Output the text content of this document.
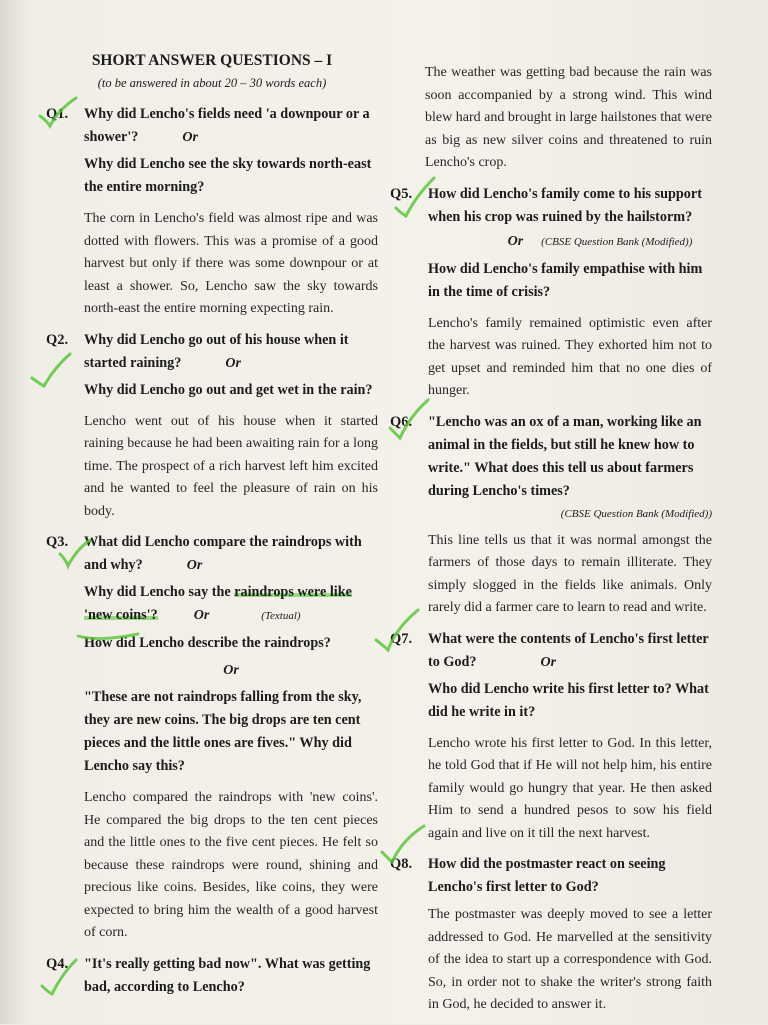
SHORT ANSWER QUESTIONS – I
(to be answered in about 20 – 30 words each)
Q1.	Why did Lencho's fields need 'a downpour or a shower'?	Or
Why did Lencho see the sky towards north-east the entire morning?
The corn in Lencho's field was almost ripe and was dotted with flowers. This was a promise of a good harvest but only if there was some downpour or at least a shower. So, Lencho saw the sky towards north-east the entire morning expecting rain.
Q2.	Why did Lencho go out of his house when it started raining?	Or
Why did Lencho go out and get wet in the rain?
Lencho went out of his house when it started raining because he had been awaiting rain for a long time. The prospect of a rich harvest left him excited and he wanted to feel the pleasure of rain on his body.
Q3.	What did Lencho compare the raindrops with and why?	Or
Why did Lencho say the raindrops were like 'new coins'?	Or	(Textual)
How did Lencho describe the raindrops?
Or
"These are not raindrops falling from the sky, they are new coins. The big drops are ten cent pieces and the little ones are fives." Why did Lencho say this?
Lencho compared the raindrops with 'new coins'. He compared the big drops to the ten cent pieces and the little ones to the five cent pieces. He felt so because these raindrops were round, shining and precious like coins. Besides, like coins, they were expected to bring him the wealth of a good harvest of corn.
Q4.	"It's really getting bad now". What was getting bad, according to Lencho?
The weather was getting bad because the rain was soon accompanied by a strong wind. This wind blew hard and brought in large hailstones that were as big as new silver coins and threatened to ruin Lencho's crop.
Q5.	How did Lencho's family come to his support when his crop was ruined by the hailstorm?
Or (CBSE Question Bank (Modified))
How did Lencho's family empathise with him in the time of crisis?
Lencho's family remained optimistic even after the harvest was ruined. They exhorted him not to get upset and reminded him that no one dies of hunger.
Q6.	"Lencho was an ox of a man, working like an animal in the fields, but still he knew how to write." What does this tell us about farmers during Lencho's times?
(CBSE Question Bank (Modified))
This line tells us that it was normal amongst the farmers of those days to remain illiterate. They simply slogged in the fields like animals. Only rarely did a farmer care to learn to read and write.
Q7.	What were the contents of Lencho's first letter to God?	Or
Who did Lencho write his first letter to? What did he write in it?
Lencho wrote his first letter to God. In this letter, he told God that if He will not help him, his entire family would go hungry that year. He then asked Him to send a hundred pesos to sow his field again and live on it till the next harvest.
Q8.	How did the postmaster react on seeing Lencho's first letter to God?
The postmaster was deeply moved to see a letter addressed to God. He marvelled at the sensitivity of the idea to start up a correspondence with God. So, in order not to shake the writer's strong faith in God, he decided to answer it.
